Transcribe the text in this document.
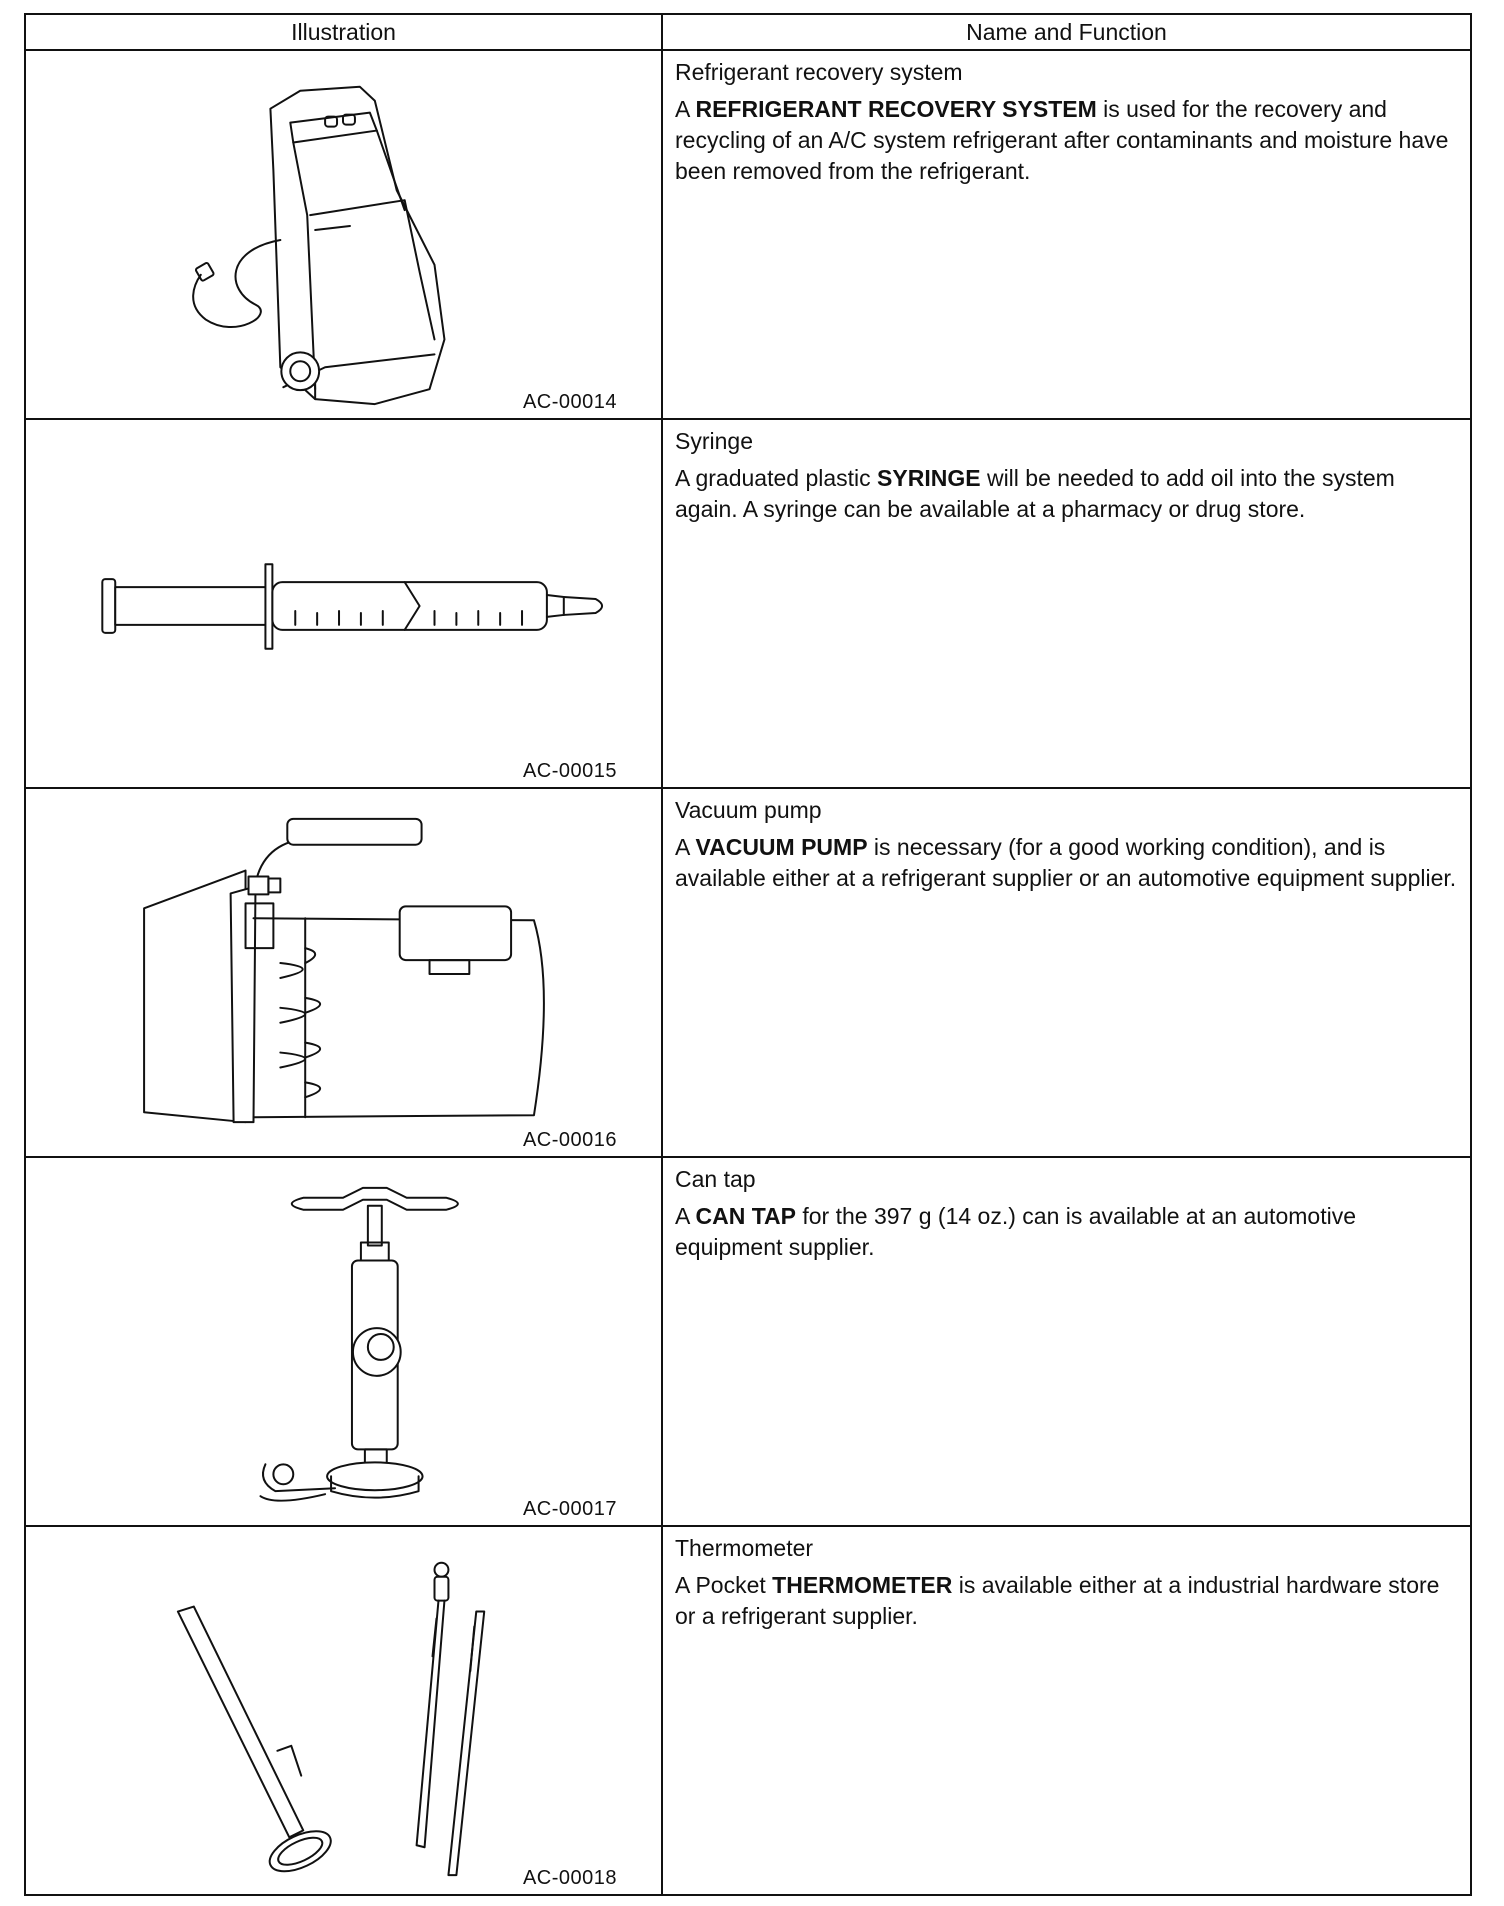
Illustration	Name and Function

AC-00014	Refrigerant recovery system

A REFRIGERANT RECOVERY SYSTEM is used for the recovery and recycling of an A/C system refrigerant after contaminants and moisture have been removed from the refrigerant.

AC-00015	Syringe

A graduated plastic SYRINGE will be needed to add oil into the system again. A syringe can be available at a pharmacy or drug store.

AC-00016	Vacuum pump

A VACUUM PUMP is necessary (for a good working condition), and is available either at a refrigerant supplier or an automotive equipment supplier.

AC-00017	Can tap

A CAN TAP for the 397 g (14 oz.) can is available at an automotive equipment supplier.

AC-00018	Thermometer

A Pocket THERMOMETER is available either at a industrial hardware store or a refrigerant supplier.
